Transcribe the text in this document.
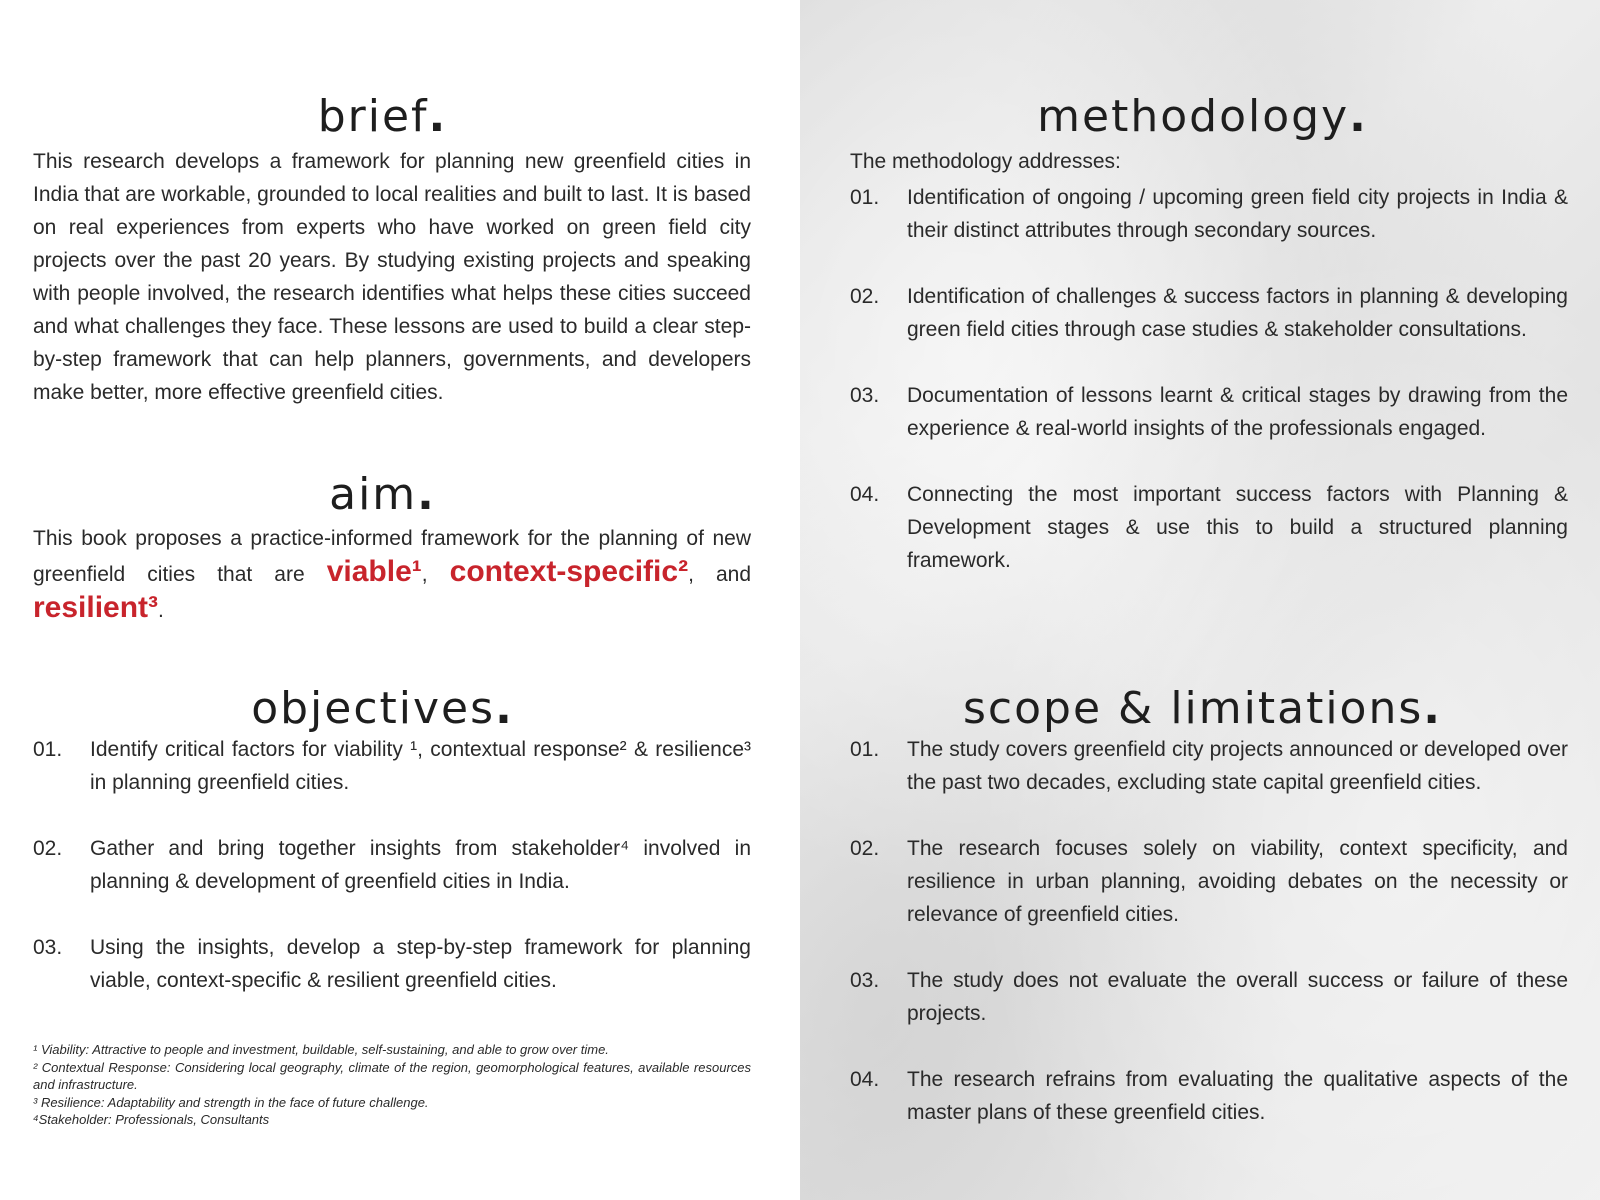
brief.

This research develops a framework for planning new greenfield cities in India that are workable, grounded to local realities and built to last. It is based on real experiences from experts who have worked on green field city projects over the past 20 years. By studying existing projects and speaking with people involved, the research identifies what helps these cities succeed and what challenges they face. These lessons are used to build a clear step-by-step framework that can help planners, governments, and developers make better, more effective greenfield cities.

aim.

This book proposes a practice-informed framework for the planning of new greenfield cities that are viable¹, context-specific², and resilient³.

objectives.
01. Identify critical factors for viability ¹, contextual response² & resilience³ in planning greenfield cities.
02. Gather and bring together insights from stakeholder⁴ involved in planning & development of greenfield cities in India.
03. Using the insights, develop a step-by-step framework for planning viable, context-specific & resilient greenfield cities.
¹ Viability: Attractive to people and investment, buildable, self-sustaining, and able to grow over time.
² Contextual Response: Considering local geography, climate of the region, geomorphological features, available resources and infrastructure.
³ Resilience: Adaptability and strength in the face of future challenge.
⁴Stakeholder: Professionals, Consultants
methodology.

The methodology addresses:

01. Identification of ongoing / upcoming green field city projects in India & their distinct attributes through secondary sources.
02. Identification of challenges & success factors in planning & developing green field cities through case studies & stakeholder consultations.
03. Documentation of lessons learnt & critical stages by drawing from the experience & real-world insights of the professionals engaged.
04. Connecting the most important success factors with Planning & Development stages & use this to build a structured planning framework.
scope & limitations.
01. The study covers greenfield city projects announced or developed over the past two decades, excluding state capital greenfield cities.
02. The research focuses solely on viability, context specificity, and resilience in urban planning, avoiding debates on the necessity or relevance of greenfield cities.
03. The study does not evaluate the overall success or failure of these projects.
04. The research refrains from evaluating the qualitative aspects of the master plans of these greenfield cities.
